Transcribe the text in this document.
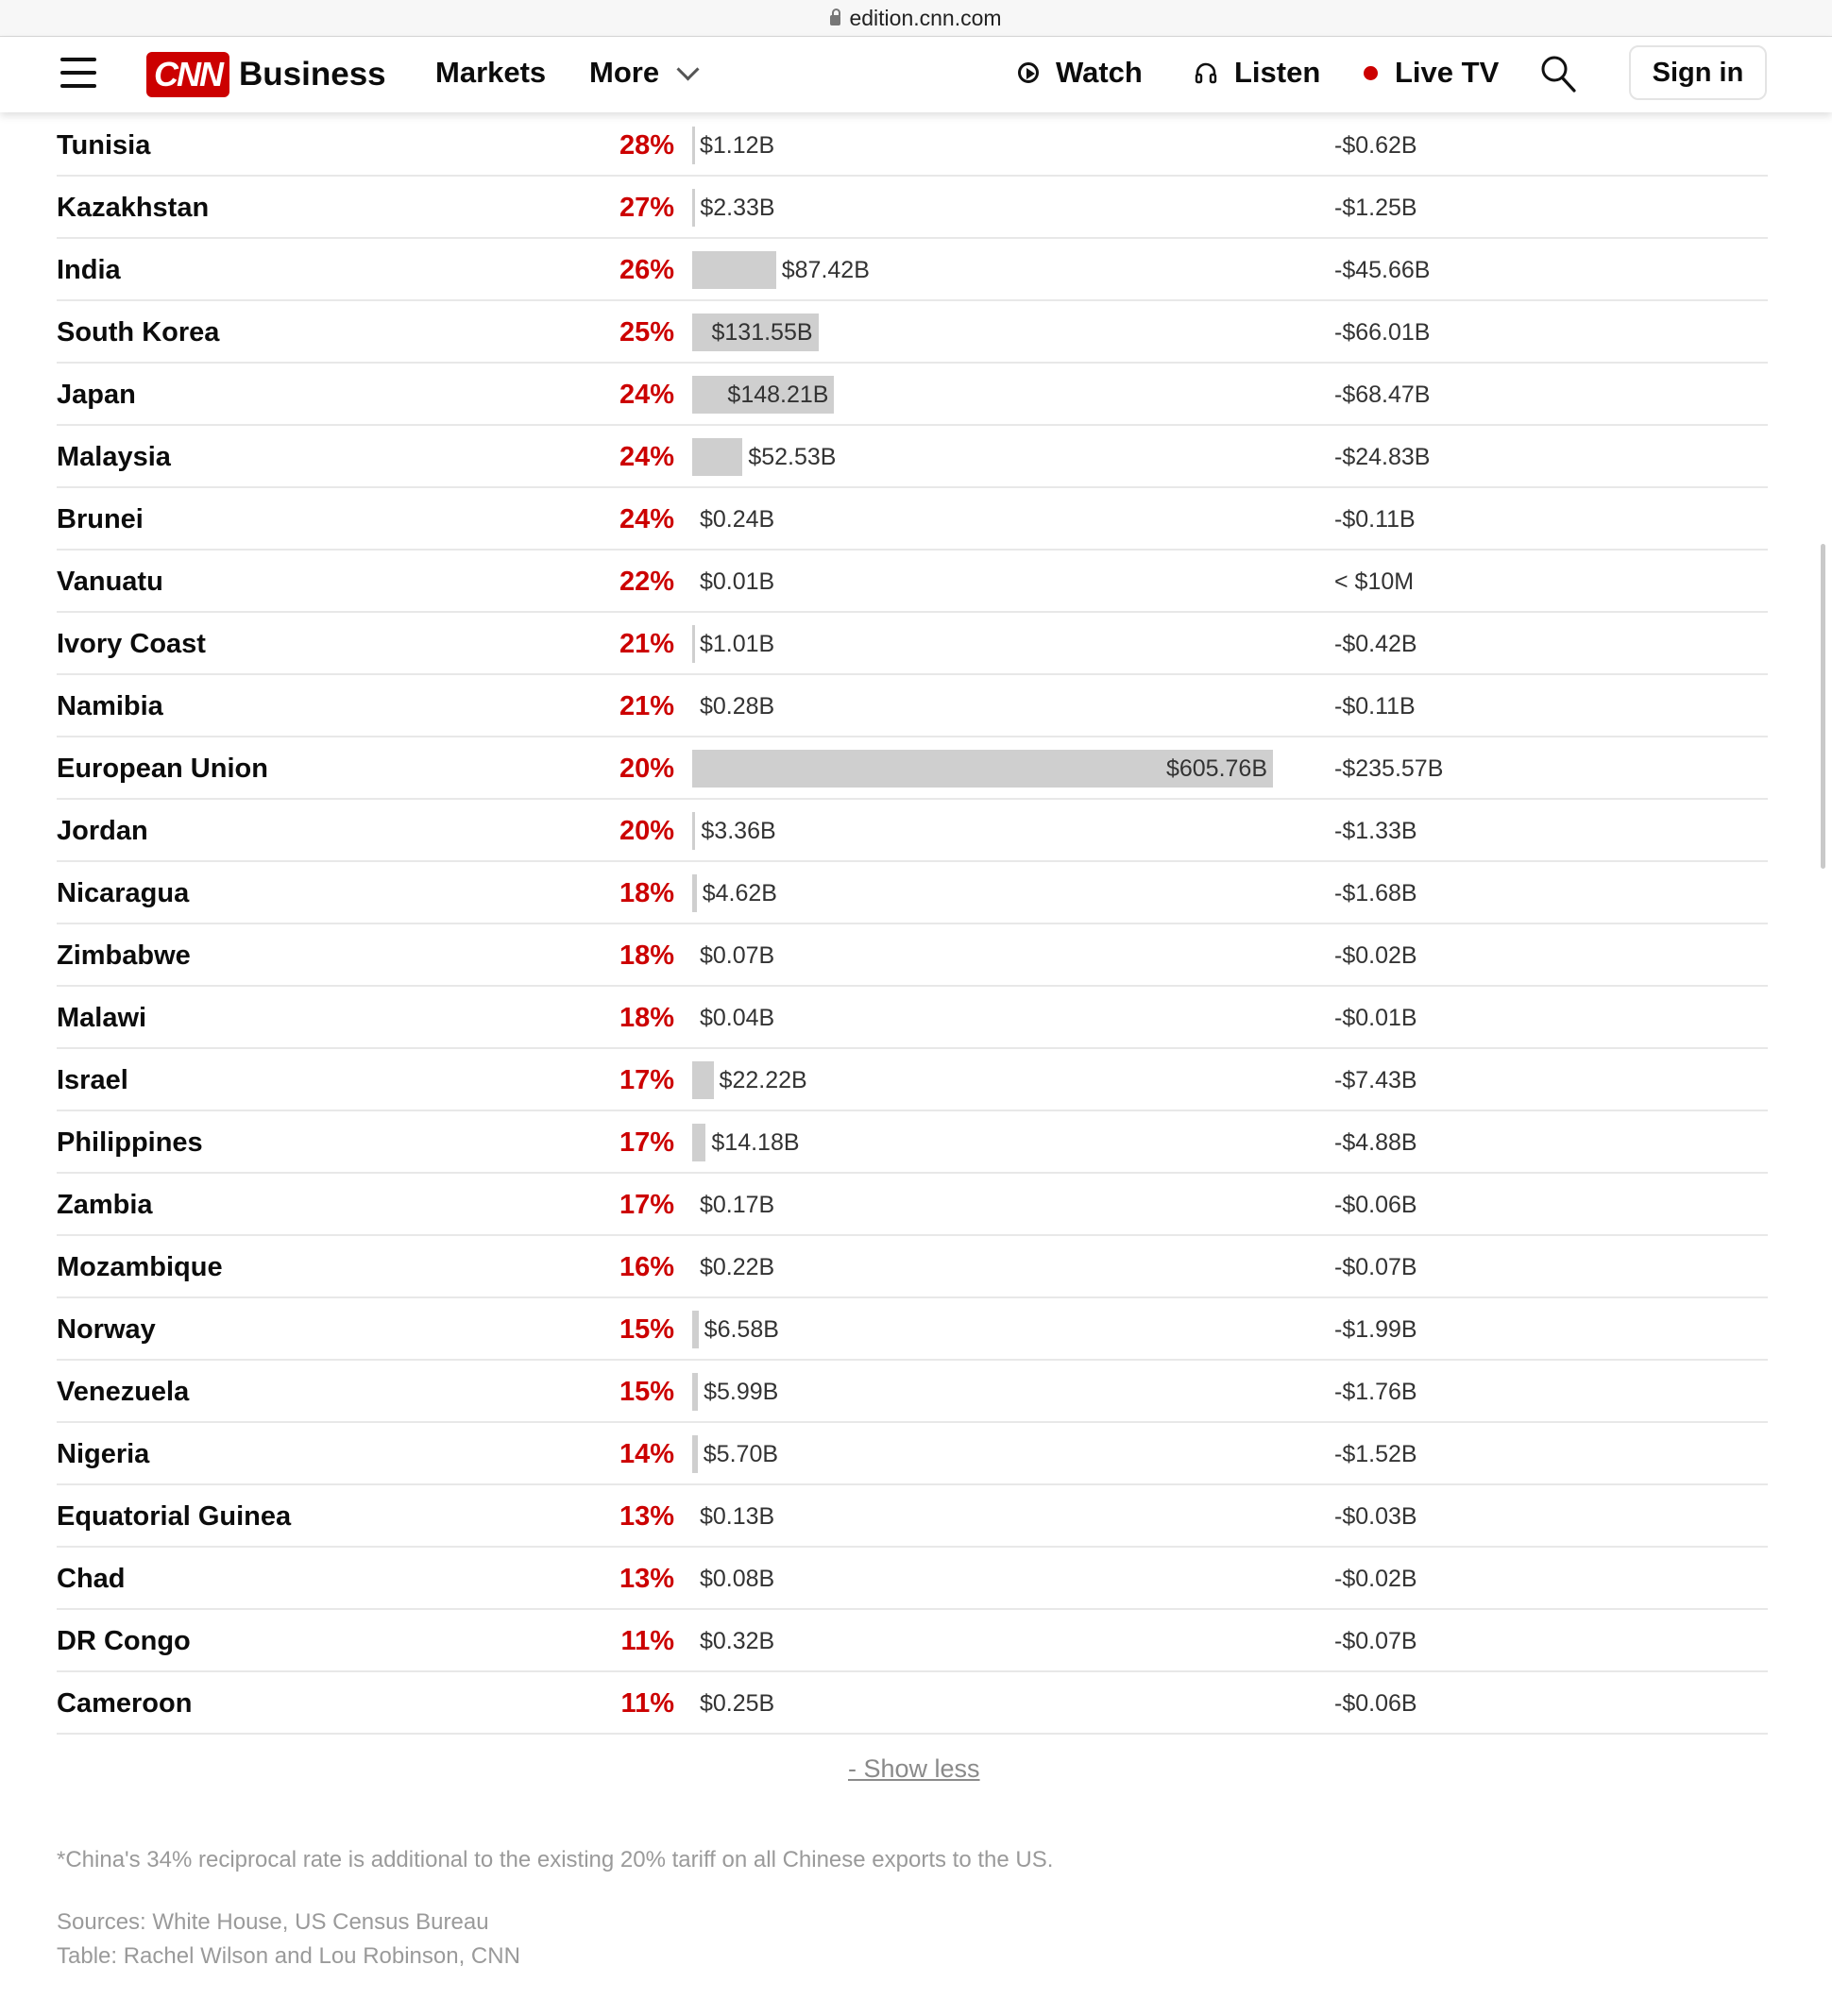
edition.cnn.com
CNN Business Markets More	Watch	Listen	Live TV	Sign in
Tunisia	28% $1.12B	-$0.62B
Kazakhstan	27% $2.33B	-$1.25B
India	26%	$87.42B	-$45.66B
South Korea	25%	$131.55B	-$66.01B
Japan	24%	$148.21B	-$68.47B
Malaysia	24%	$52.53B	-$24.83B
Brunei	24% $0.24B	-$0.11B
Vanuatu	22% $0.01B	< $10M
Ivory Coast	21% $1.01B	-$0.42B
Namibia	21% $0.28B	-$0.11B
European Union	20%	$605.76B	-$235.57B
Jordan	20% $3.36B	-$1.33B
Nicaragua	18% $4.62B	-$1.68B
Zimbabwe	18% $0.07B	-$0.02B
Malawi	18% $0.04B	-$0.01B
Israel	17% $22.22B	-$7.43B
Philippines	17% $14.18B	-$4.88B
Zambia	17% $0.17B	-$0.06B
Mozambique	16% $0.22B	-$0.07B
Norway	15% $6.58B	-$1.99B
Venezuela	15% $5.99B	-$1.76B
Nigeria	14% $5.70B	-$1.52B
Equatorial Guinea	13% $0.13B	-$0.03B
Chad	13% $0.08B	-$0.02B
DR Congo	11% $0.32B	-$0.07B
Cameroon	11% $0.25B	-$0.06B
- Show less
*China's 34% reciprocal rate is additional to the existing 20% tariff on all Chinese exports to the US.
Sources: White House, US Census Bureau
Table: Rachel Wilson and Lou Robinson, CNN
